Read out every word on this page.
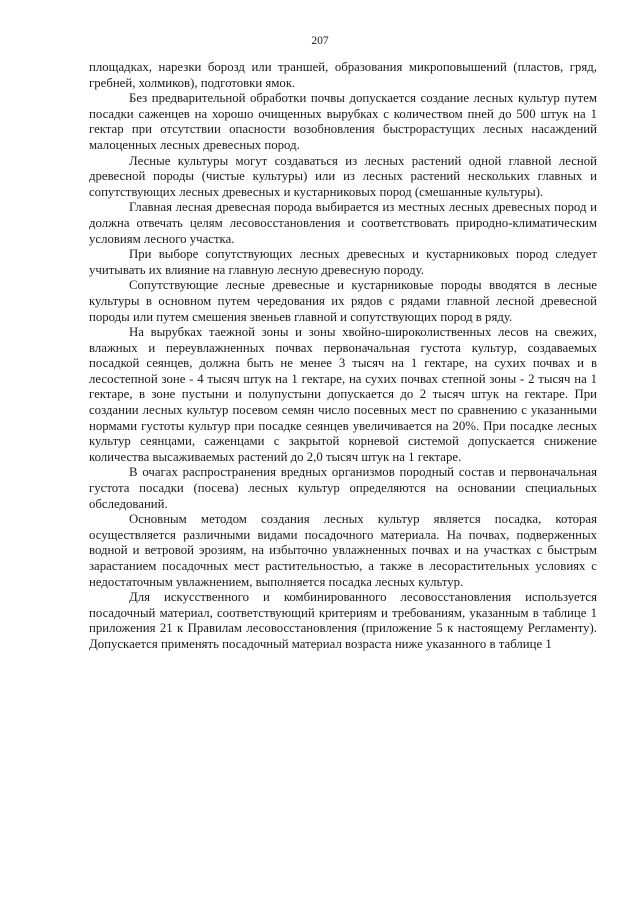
207

площадках, нарезки борозд или траншей, образования микроповышений (пластов, гряд, гребней, холмиков), подготовки ямок.

Без предварительной обработки почвы допускается создание лесных культур путем посадки саженцев на хорошо очищенных вырубках с количеством пней до 500 штук на 1 гектар при отсутствии опасности возобновления быстрорастущих лесных насаждений малоценных лесных древесных пород.

Лесные культуры могут создаваться из лесных растений одной главной лесной древесной породы (чистые культуры) или из лесных растений нескольких главных и сопутствующих лесных древесных и кустарниковых пород (смешанные культуры).

Главная лесная древесная порода выбирается из местных лесных древесных пород и должна отвечать целям лесовосстановления и соответствовать природно-климатическим условиям лесного участка.

При выборе сопутствующих лесных древесных и кустарниковых пород следует учитывать их влияние на главную лесную древесную породу.

Сопутствующие лесные древесные и кустарниковые породы вводятся в лесные культуры в основном путем чередования их рядов с рядами главной лесной древесной породы или путем смешения звеньев главной и сопутствующих пород в ряду.

На вырубках таежной зоны и зоны хвойно-широколиственных лесов на свежих, влажных и переувлажненных почвах первоначальная густота культур, создаваемых посадкой сеянцев, должна быть не менее 3 тысяч на 1 гектаре, на сухих почвах и в лесостепной зоне - 4 тысяч штук на 1 гектаре, на сухих почвах степной зоны - 2 тысяч на 1 гектаре, в зоне пустыни и полупустыни допускается до 2 тысяч штук на гектаре. При создании лесных культур посевом семян число посевных мест по сравнению с указанными нормами густоты культур при посадке сеянцев увеличивается на 20%. При посадке лесных культур сеянцами, саженцами с закрытой корневой системой допускается снижение количества высаживаемых растений до 2,0 тысяч штук на 1 гектаре.

В очагах распространения вредных организмов породный состав и первоначальная густота посадки (посева) лесных культур определяются на основании специальных обследований.

Основным методом создания лесных культур является посадка, которая осуществляется различными видами посадочного материала. На почвах, подверженных водной и ветровой эрозиям, на избыточно увлажненных почвах и на участках с быстрым зарастанием посадочных мест растительностью, а также в лесорастительных условиях с недостаточным увлажнением, выполняется посадка лесных культур.

Для искусственного и комбинированного лесовосстановления используется посадочный материал, соответствующий критериям и требованиям, указанным в таблице 1 приложения 21 к Правилам лесовосстановления (приложение 5 к настоящему Регламенту). Допускается применять посадочный материал возраста ниже указанного в таблице 1
